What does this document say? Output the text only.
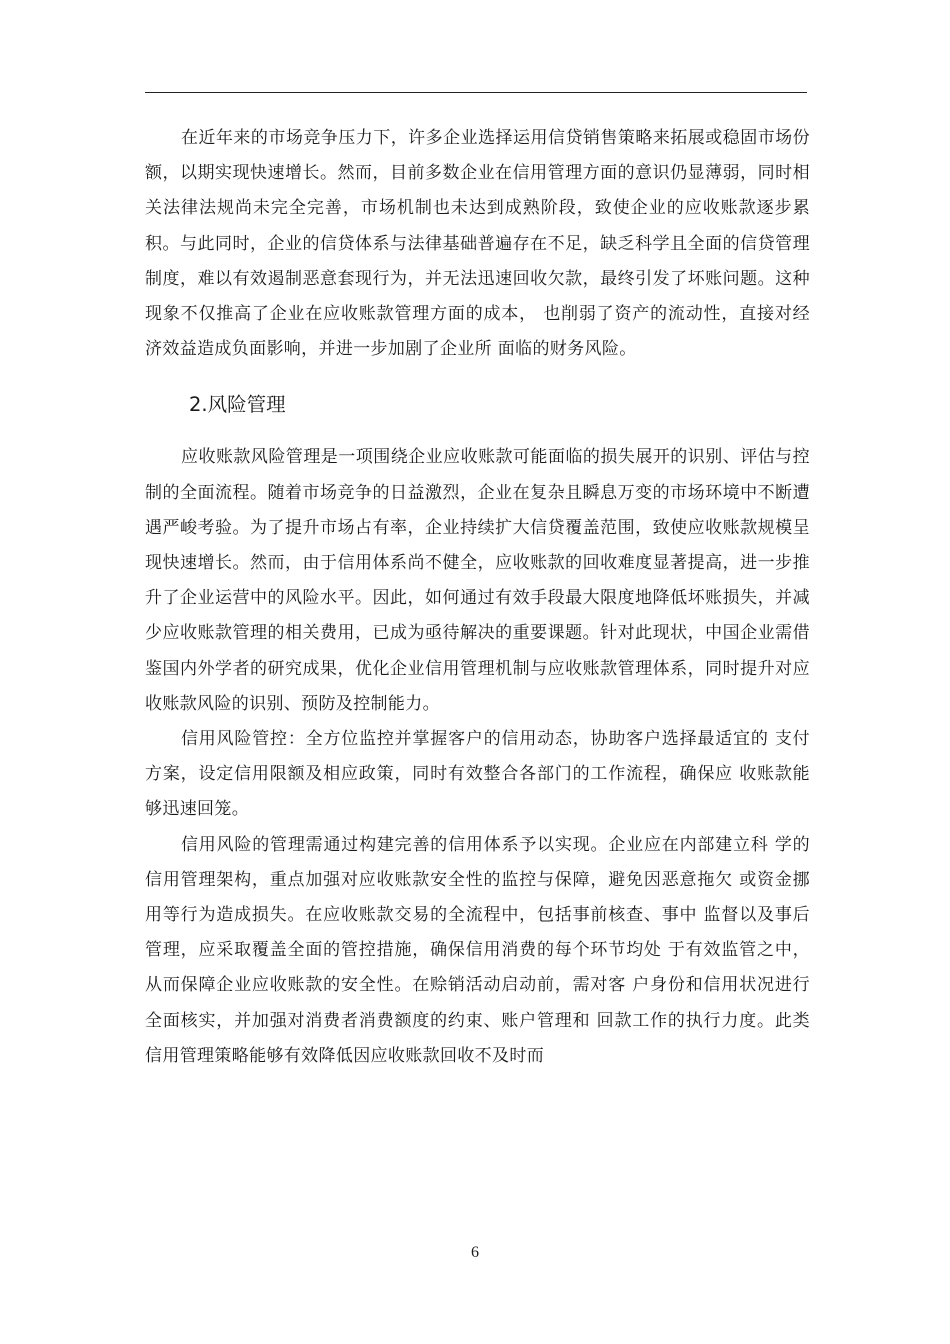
在近年来的市场竞争压力下，许多企业选择运用信贷销售策略来拓展或稳固市场份额，以期实现快速增长。然而，目前多数企业在信用管理方面的意识仍显薄弱，同时相关法律法规尚未完全完善，市场机制也未达到成熟阶段，致使企业的应收账款逐步累积。与此同时，企业的信贷体系与法律基础普遍存在不足，缺乏科学且全面的信贷管理制度，难以有效遏制恶意套现行为，并无法迅速回收欠款，最终引发了坏账问题。这种现象不仅推高了企业在应收账款管理方面的成本， 也削弱了资产的流动性，直接对经济效益造成负面影响，并进一步加剧了企业所 面临的财务风险。

2.风险管理

应收账款风险管理是一项围绕企业应收账款可能面临的损失展开的识别、评估与控制的全面流程。随着市场竞争的日益激烈，企业在复杂且瞬息万变的市场环境中不断遭遇严峻考验。为了提升市场占有率，企业持续扩大信贷覆盖范围，致使应收账款规模呈现快速增长。然而，由于信用体系尚不健全，应收账款的回收难度显著提高，进一步推升了企业运营中的风险水平。因此，如何通过有效手段最大限度地降低坏账损失，并减少应收账款管理的相关费用，已成为亟待解决的重要课题。针对此现状，中国企业需借鉴国内外学者的研究成果，优化企业信用管理机制与应收账款管理体系，同时提升对应收账款风险的识别、预防及控制能力。

信用风险管控：全方位监控并掌握客户的信用动态，协助客户选择最适宜的 支付方案，设定信用限额及相应政策，同时有效整合各部门的工作流程，确保应 收账款能够迅速回笼。

信用风险的管理需通过构建完善的信用体系予以实现。企业应在内部建立科 学的信用管理架构，重点加强对应收账款安全性的监控与保障，避免因恶意拖欠 或资金挪用等行为造成损失。在应收账款交易的全流程中，包括事前核查、事中 监督以及事后管理，应采取覆盖全面的管控措施，确保信用消费的每个环节均处 于有效监管之中，从而保障企业应收账款的安全性。在赊销活动启动前，需对客 户身份和信用状况进行全面核实，并加强对消费者消费额度的约束、账户管理和 回款工作的执行力度。此类信用管理策略能够有效降低因应收账款回收不及时而

6
